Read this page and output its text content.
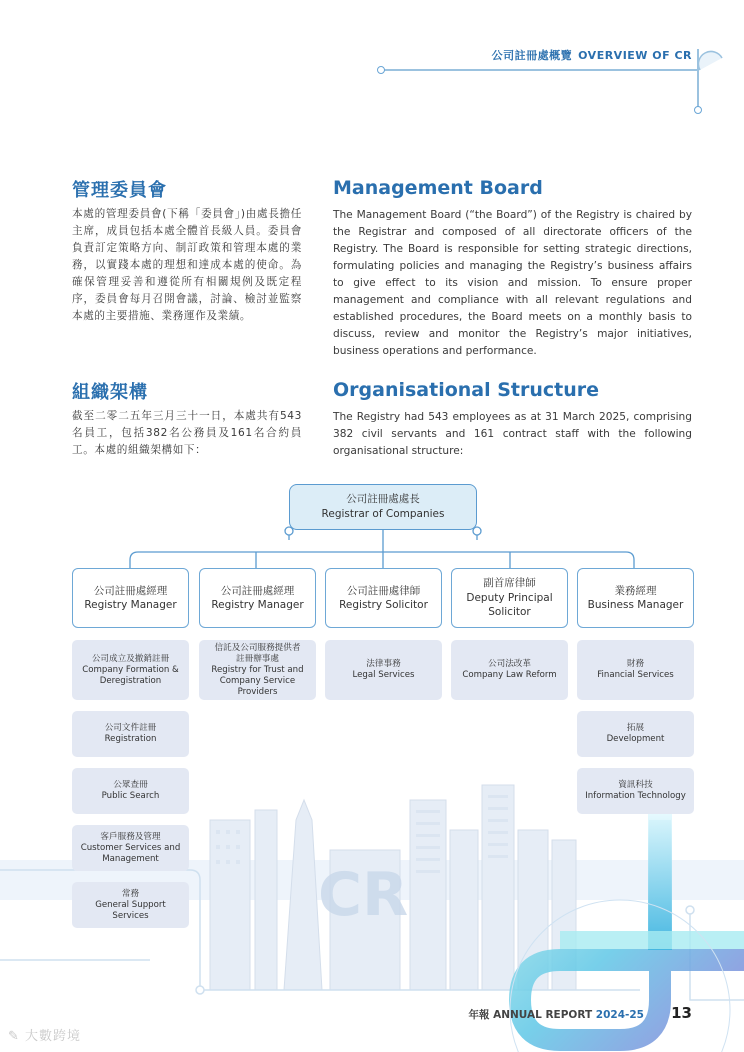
CR
公司註冊處概覽 OVERVIEW OF CR
管理委員會	Management Board
本處的管理委員會(下稱「委員會」)由處長擔任主席，成員包括本處全體首長級人員。委員會負責訂定策略方向、制訂政策和管理本處的業務，以實踐本處的理想和達成本處的使命。為確保管理妥善和遵從所有相關規例及既定程序，委員會每月召開會議，討論、檢討並監察本處的主要措施、業務運作及業績。
The Management Board (“the Board”) of the Registry is chaired by the Registrar and composed of all directorate officers of the Registry. The Board is responsible for setting strategic directions, formulating policies and managing the Registry’s business affairs to give effect to its vision and mission. To ensure proper management and compliance with all relevant regulations and established procedures, the Board meets on a monthly basis to discuss, review and monitor the Registry’s major initiatives, business operations and performance.
組織架構	Organisational Structure
截至二零二五年三月三十一日，本處共有543名員工，包括382名公務員及161名合約員工。本處的組織架構如下：
The Registry had 543 employees as at 31 March 2025, comprising 382 civil servants and 161 contract staff with the following organisational structure:
公司註冊處處長
Registrar of Companies
公司註冊處經理
Registry Manager
公司註冊處經理
Registry Manager
公司註冊處律師
Registry Solicitor
副首席律師
Deputy Principal Solicitor
業務經理
Business Manager
公司成立及撤銷註冊
Company Formation & Deregistration
公司文件註冊
Registration
公眾查冊
Public Search
客戶服務及管理
Customer Services and Management
常務
General Support Services
信託及公司服務提供者註冊辦事處
Registry for Trust and Company Service Providers
法律事務
Legal Services
公司法改革
Company Law Reform
財務
Financial Services
拓展
Development
資訊科技
Information Technology
年報 ANNUAL REPORT 2024-25 13
✎ 大數跨境
